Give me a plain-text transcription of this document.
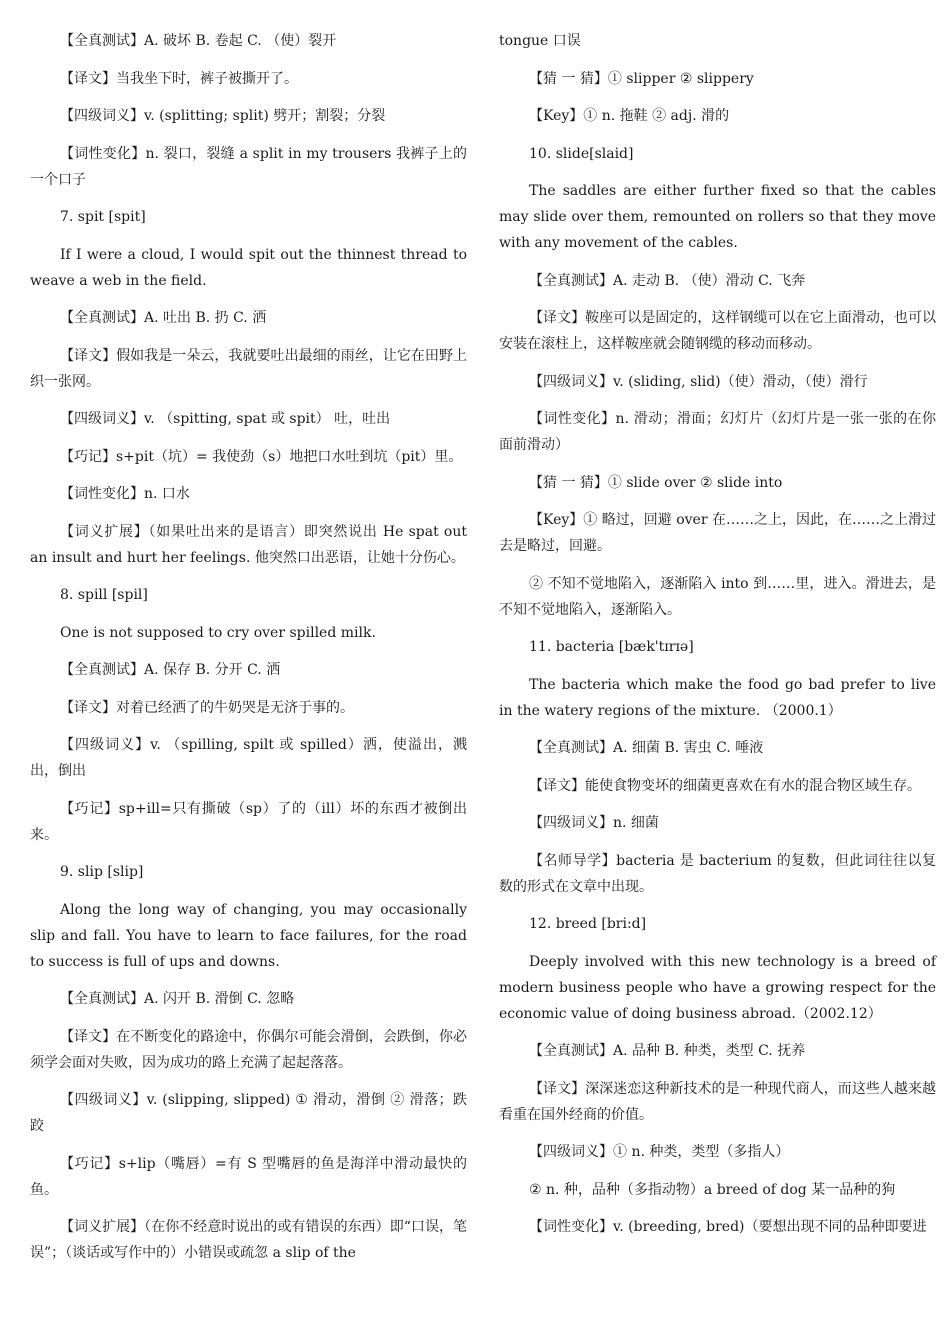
【全真测试】A. 破坏 B. 卷起 C. （使）裂开

【译文】当我坐下时，裤子被撕开了。

【四级词义】v. (splitting; split) 劈开；割裂；分裂

【词性变化】n. 裂口，裂缝 a split in my trousers 我裤子上的一个口子

7. spit [spit]

If I were a cloud, I would spit out the thinnest thread to weave a web in the field.

【全真测试】A. 吐出 B. 扔 C. 洒

【译文】假如我是一朵云，我就要吐出最细的雨丝，让它在田野上织一张网。

【四级词义】v. （spitting, spat 或 spit） 吐，吐出

【巧记】s+pit（坑）= 我使劲（s）地把口水吐到坑（pit）里。

【词性变化】n. 口水

【词义扩展】（如果吐出来的是语言）即突然说出 He spat out an insult and hurt her feelings. 他突然口出恶语，让她十分伤心。

8. spill [spil]

One is not supposed to cry over spilled milk.

【全真测试】A. 保存 B. 分开 C. 洒

【译文】对着已经洒了的牛奶哭是无济于事的。

【四级词义】v. （spilling, spilt 或 spilled）洒，使溢出，溅出，倒出

【巧记】sp+ill=只有撕破（sp）了的（ill）坏的东西才被倒出来。

9. slip [slip]

Along the long way of changing, you may occasionally slip and fall. You have to learn to face failures, for the road to success is full of ups and downs.

【全真测试】A. 闪开 B. 滑倒 C. 忽略

【译文】在不断变化的路途中，你偶尔可能会滑倒，会跌倒，你必须学会面对失败，因为成功的路上充满了起起落落。

【四级词义】v. (slipping, slipped) ① 滑动，滑倒 ② 滑落；跌跤

【巧记】s+lip（嘴唇）=有 S 型嘴唇的鱼是海洋中滑动最快的鱼。

【词义扩展】（在你不经意时说出的或有错误的东西）即“口误，笔误”；（谈话或写作中的）小错误或疏忽 a slip of the

tongue 口误

【猜 一 猜】① slipper ② slippery

【Key】① n. 拖鞋 ② adj. 滑的

10. slide[slaid]

The saddles are either further fixed so that the cables may slide over them, remounted on rollers so that they move with any movement of the cables.

【全真测试】A. 走动 B. （使）滑动 C. 飞奔

【译文】鞍座可以是固定的，这样钢缆可以在它上面滑动，也可以安装在滚柱上，这样鞍座就会随钢缆的移动而移动。

【四级词义】v. (sliding, slid)（使）滑动，（使）滑行

【词性变化】n. 滑动；滑面；幻灯片（幻灯片是一张一张的在你面前滑动）

【猜 一 猜】① slide over ② slide into

【Key】① 略过，回避 over 在……之上，因此，在……之上滑过去是略过，回避。

② 不知不觉地陷入，逐渐陷入 into 到……里，进入。滑进去，是不知不觉地陷入，逐渐陷入。

11. bacteria [bæk'tɪrɪə]

The bacteria which make the food go bad prefer to live in the watery regions of the mixture. （2000.1）

【全真测试】A. 细菌 B. 害虫 C. 唾液

【译文】能使食物变坏的细菌更喜欢在有水的混合物区域生存。

【四级词义】n. 细菌

【名师导学】bacteria 是 bacterium 的复数，但此词往往以复数的形式在文章中出现。

12. breed [bri:d]

Deeply involved with this new technology is a breed of modern business people who have a growing respect for the economic value of doing business abroad.（2002.12）

【全真测试】A. 品种 B. 种类，类型 C. 抚养

【译文】深深迷恋这种新技术的是一种现代商人，而这些人越来越看重在国外经商的价值。

【四级词义】① n. 种类，类型（多指人）

② n. 种，品种（多指动物）a breed of dog 某一品种的狗

【词性变化】v. (breeding, bred)（要想出现不同的品种即要进
